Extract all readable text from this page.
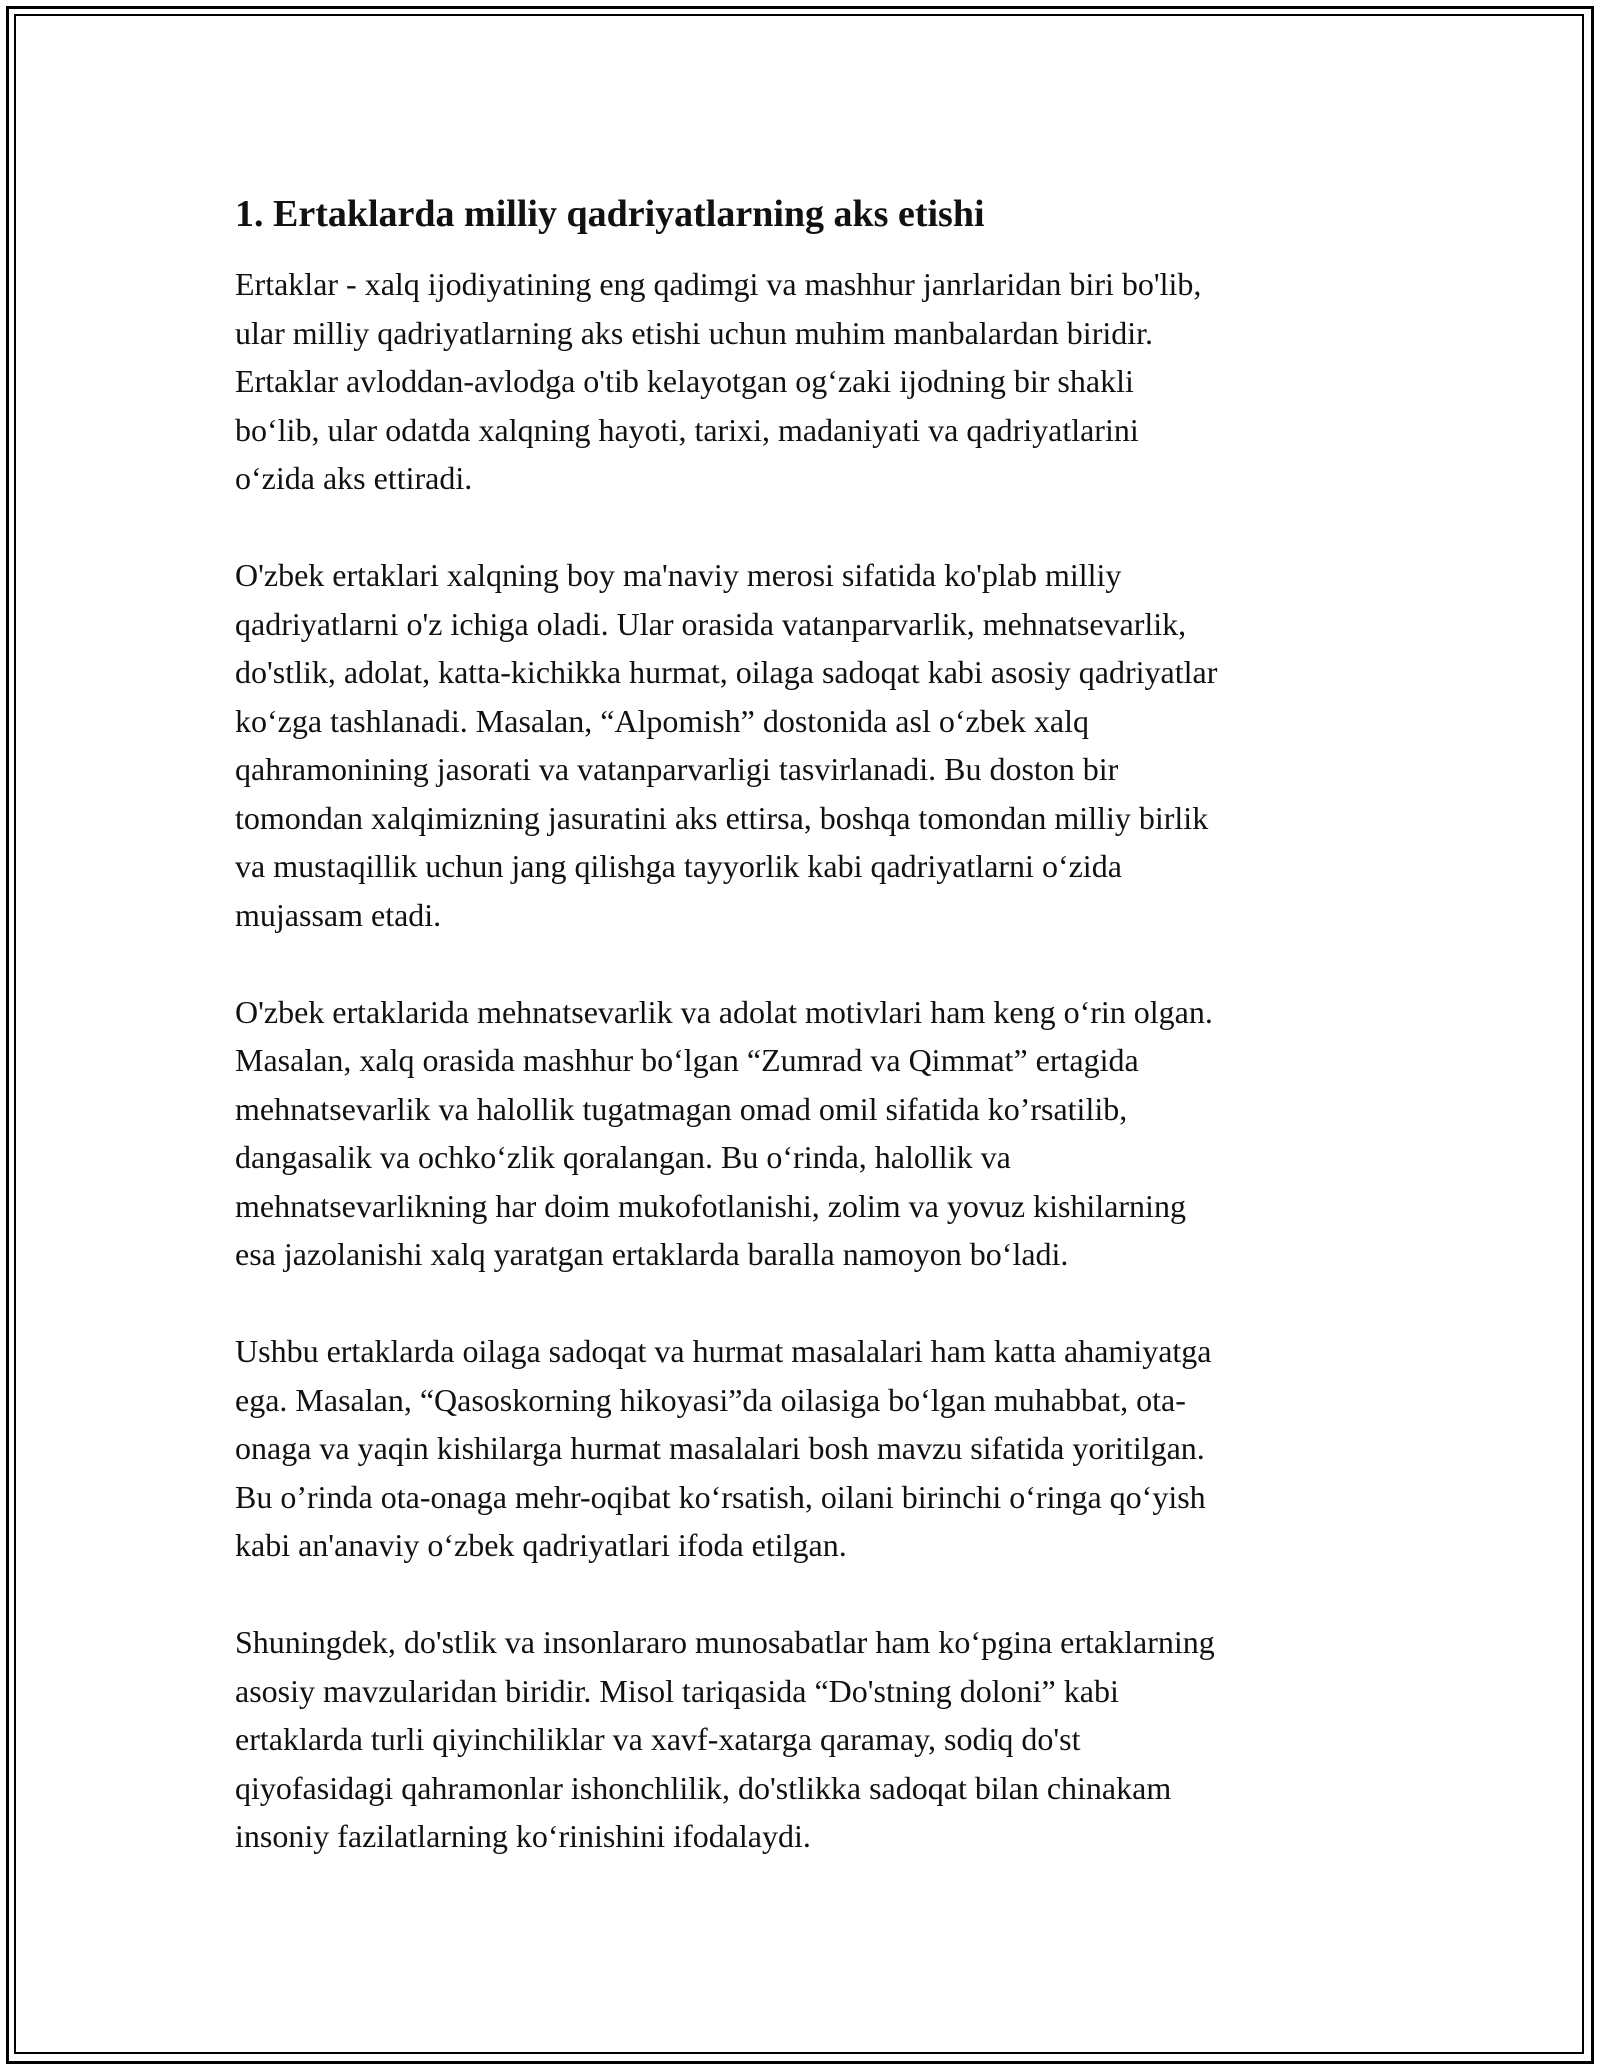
1. Ertaklarda milliy qadriyatlarning aks etishi
Ertaklar - xalq ijodiyatining eng qadimgi va mashhur janrlaridan biri bo'lib,
ular milliy qadriyatlarning aks etishi uchun muhim manbalardan biridir.
Ertaklar avloddan-avlodga o'tib kelayotgan og‘zaki ijodning bir shakli
bo‘lib, ular odatda xalqning hayoti, tarixi, madaniyati va qadriyatlarini
o‘zida aks ettiradi.
O'zbek ertaklari xalqning boy ma'naviy merosi sifatida ko'plab milliy
qadriyatlarni o'z ichiga oladi. Ular orasida vatanparvarlik, mehnatsevarlik,
do'stlik, adolat, katta-kichikka hurmat, oilaga sadoqat kabi asosiy qadriyatlar
ko‘zga tashlanadi. Masalan, “Alpomish” dostonida asl o‘zbek xalq
qahramonining jasorati va vatanparvarligi tasvirlanadi. Bu doston bir
tomondan xalqimizning jasuratini aks ettirsa, boshqa tomondan milliy birlik
va mustaqillik uchun jang qilishga tayyorlik kabi qadriyatlarni o‘zida
mujassam etadi.
O'zbek ertaklarida mehnatsevarlik va adolat motivlari ham keng o‘rin olgan.
Masalan, xalq orasida mashhur bo‘lgan “Zumrad va Qimmat” ertagida
mehnatsevarlik va halollik tugatmagan omad omil sifatida ko’rsatilib,
dangasalik va ochko‘zlik qoralangan. Bu o‘rinda, halollik va
mehnatsevarlikning har doim mukofotlanishi, zolim va yovuz kishilarning
esa jazolanishi xalq yaratgan ertaklarda baralla namoyon bo‘ladi.
Ushbu ertaklarda oilaga sadoqat va hurmat masalalari ham katta ahamiyatga
ega. Masalan, “Qasoskorning hikoyasi”da oilasiga bo‘lgan muhabbat, ota-
onaga va yaqin kishilarga hurmat masalalari bosh mavzu sifatida yoritilgan.
Bu o’rinda ota-onaga mehr-oqibat ko‘rsatish, oilani birinchi o‘ringa qo‘yish
kabi an'anaviy o‘zbek qadriyatlari ifoda etilgan.
Shuningdek, do'stlik va insonlararo munosabatlar ham ko‘pgina ertaklarning
asosiy mavzularidan biridir. Misol tariqasida “Do'stning doloni” kabi
ertaklarda turli qiyinchiliklar va xavf-xatarga qaramay, sodiq do'st
qiyofasidagi qahramonlar ishonchlilik, do'stlikka sadoqat bilan chinakam
insoniy fazilatlarning ko‘rinishini ifodalaydi.
